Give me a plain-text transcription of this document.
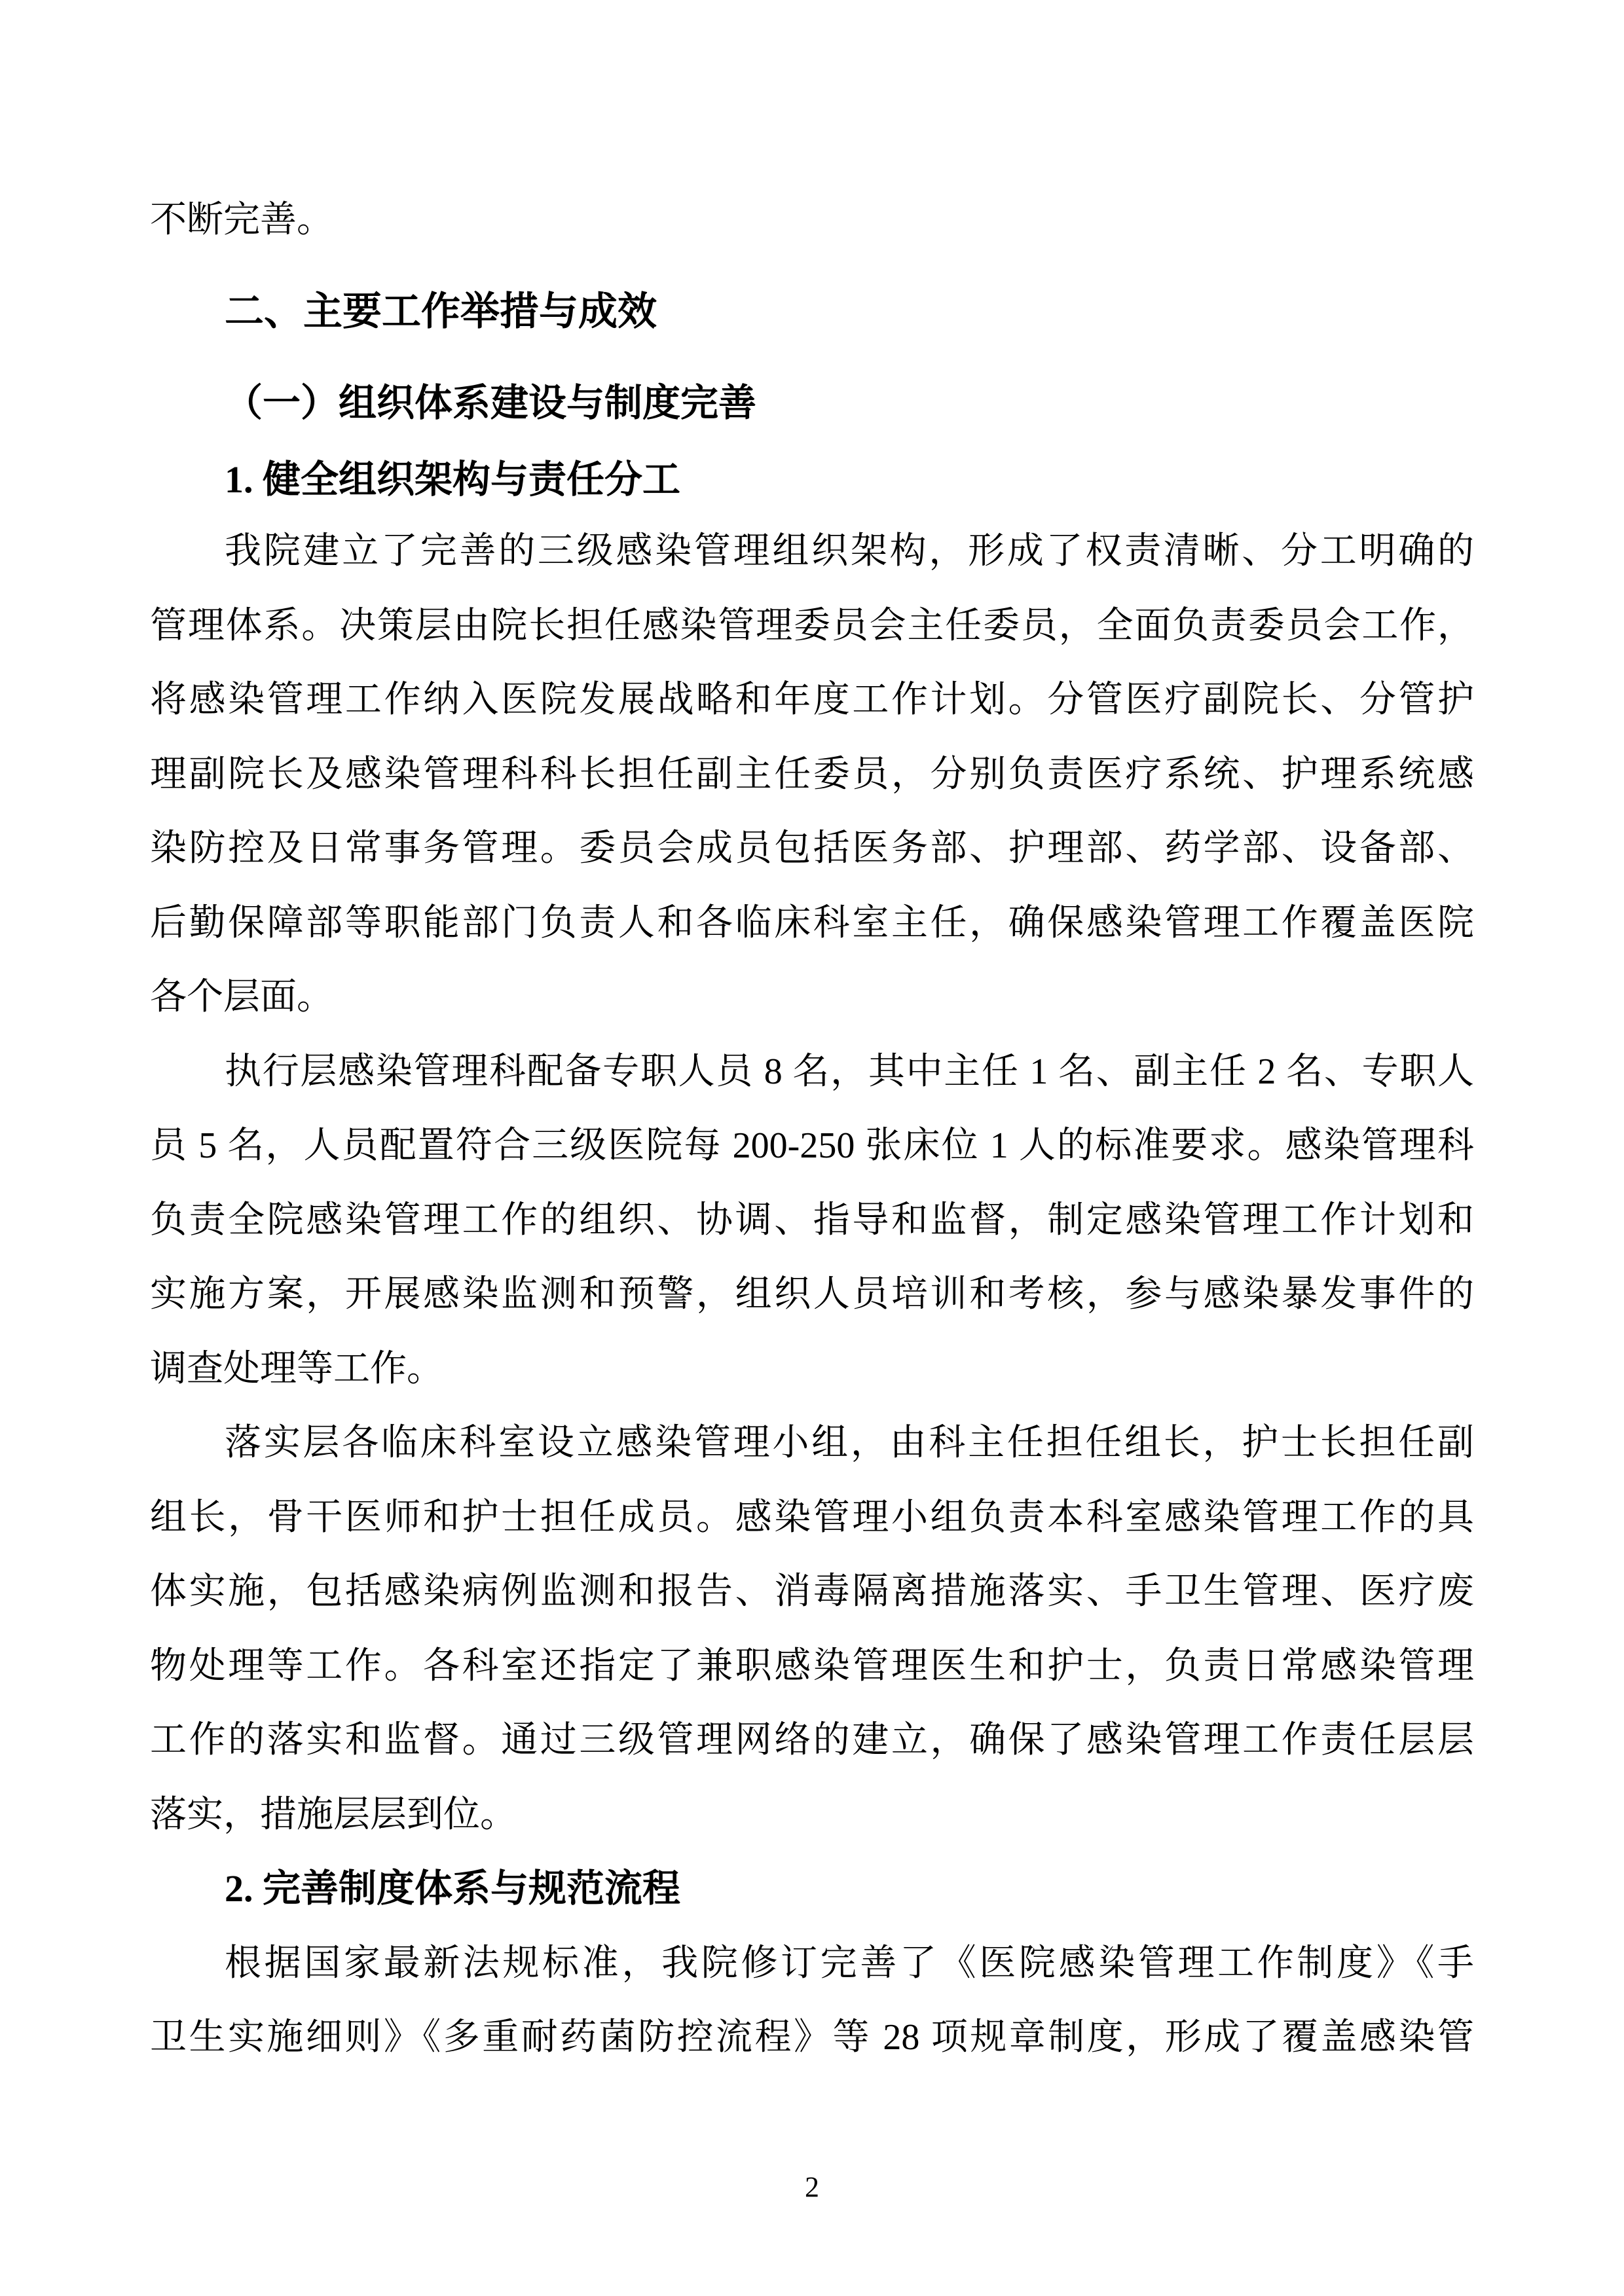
2
不断完善。
二、主要工作举措与成效
（一）组织体系建设与制度完善
1. 健全组织架构与责任分工
我院建立了完善的三级感染管理组织架构，形成了权责清晰、分工明确的
管理体系。决策层由院长担任感染管理委员会主任委员，全面负责委员会工作，
将感染管理工作纳入医院发展战略和年度工作计划。分管医疗副院长、分管护
理副院长及感染管理科科长担任副主任委员，分别负责医疗系统、护理系统感
染防控及日常事务管理。委员会成员包括医务部、护理部、药学部、设备部、
后勤保障部等职能部门负责人和各临床科室主任，确保感染管理工作覆盖医院
各个层面。
执行层感染管理科配备专职人员 8 名，其中主任 1 名、副主任 2 名、专职人
员 5 名，人员配置符合三级医院每 200-250 张床位 1 人的标准要求。感染管理科
负责全院感染管理工作的组织、协调、指导和监督，制定感染管理工作计划和
实施方案，开展感染监测和预警，组织人员培训和考核，参与感染暴发事件的
调查处理等工作。
落实层各临床科室设立感染管理小组，由科主任担任组长，护士长担任副
组长，骨干医师和护士担任成员。感染管理小组负责本科室感染管理工作的具
体实施，包括感染病例监测和报告、消毒隔离措施落实、手卫生管理、医疗废
物处理等工作。各科室还指定了兼职感染管理医生和护士，负责日常感染管理
工作的落实和监督。通过三级管理网络的建立，确保了感染管理工作责任层层
落实，措施层层到位。
2. 完善制度体系与规范流程
根据国家最新法规标准，我院修订完善了《医院感染管理工作制度》《手
卫生实施细则》《多重耐药菌防控流程》等 28 项规章制度，形成了覆盖感染管
